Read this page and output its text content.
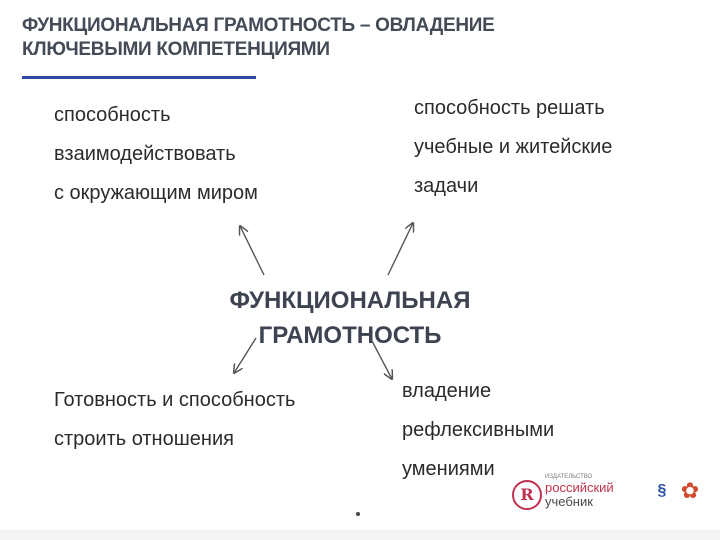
ФУНКЦИОНАЛЬНАЯ ГРАМОТНОСТЬ – ОВЛАДЕНИЕ КЛЮЧЕВЫМИ КОМПЕТЕНЦИЯМИ
способность
взаимодействовать
с окружающим миром
способность решать
учебные и житейские
задачи
Готовность и способность
строить отношения
владение
рефлексивными
умениями
ФУНКЦИОНАЛЬНАЯ
ГРАМОТНОСТЬ
R
ИЗДАТЕЛЬСТВО
российский
учебник
§ ✿
